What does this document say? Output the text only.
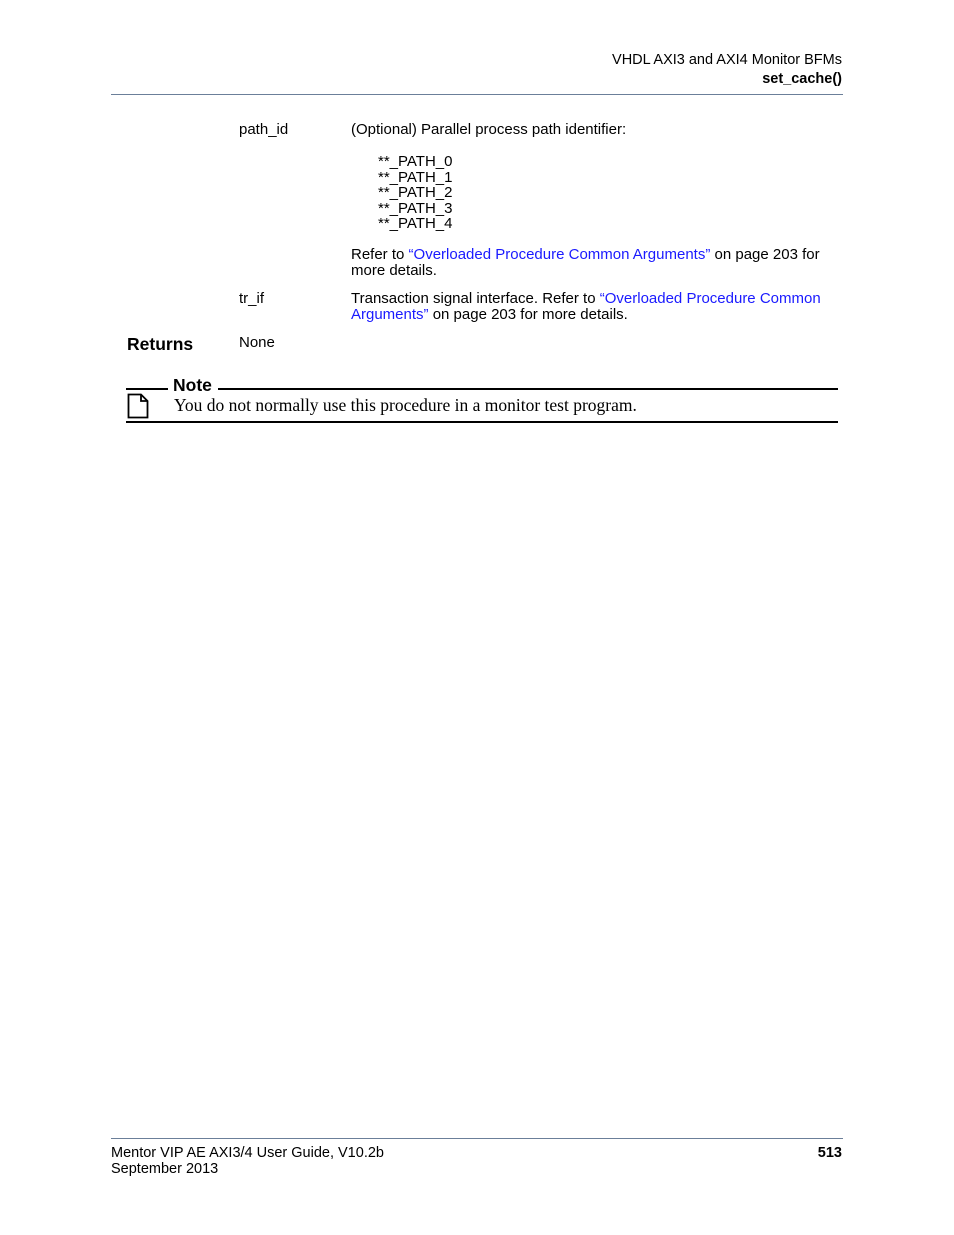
VHDL AXI3 and AXI4 Monitor BFMs
set_cache()
path_id	(Optional) Parallel process path identifier:
**_PATH_0
**_PATH_1
**_PATH_2
**_PATH_3
**_PATH_4
Refer to “Overloaded Procedure Common Arguments” on page 203 for
more details.
tr_if	Transaction signal interface. Refer to “Overloaded Procedure Common
Arguments” on page 203 for more details.
Returns	None
Note
You do not normally use this procedure in a monitor test program.
Mentor VIP AE AXI3/4 User Guide, V10.2b
September 2013
513
